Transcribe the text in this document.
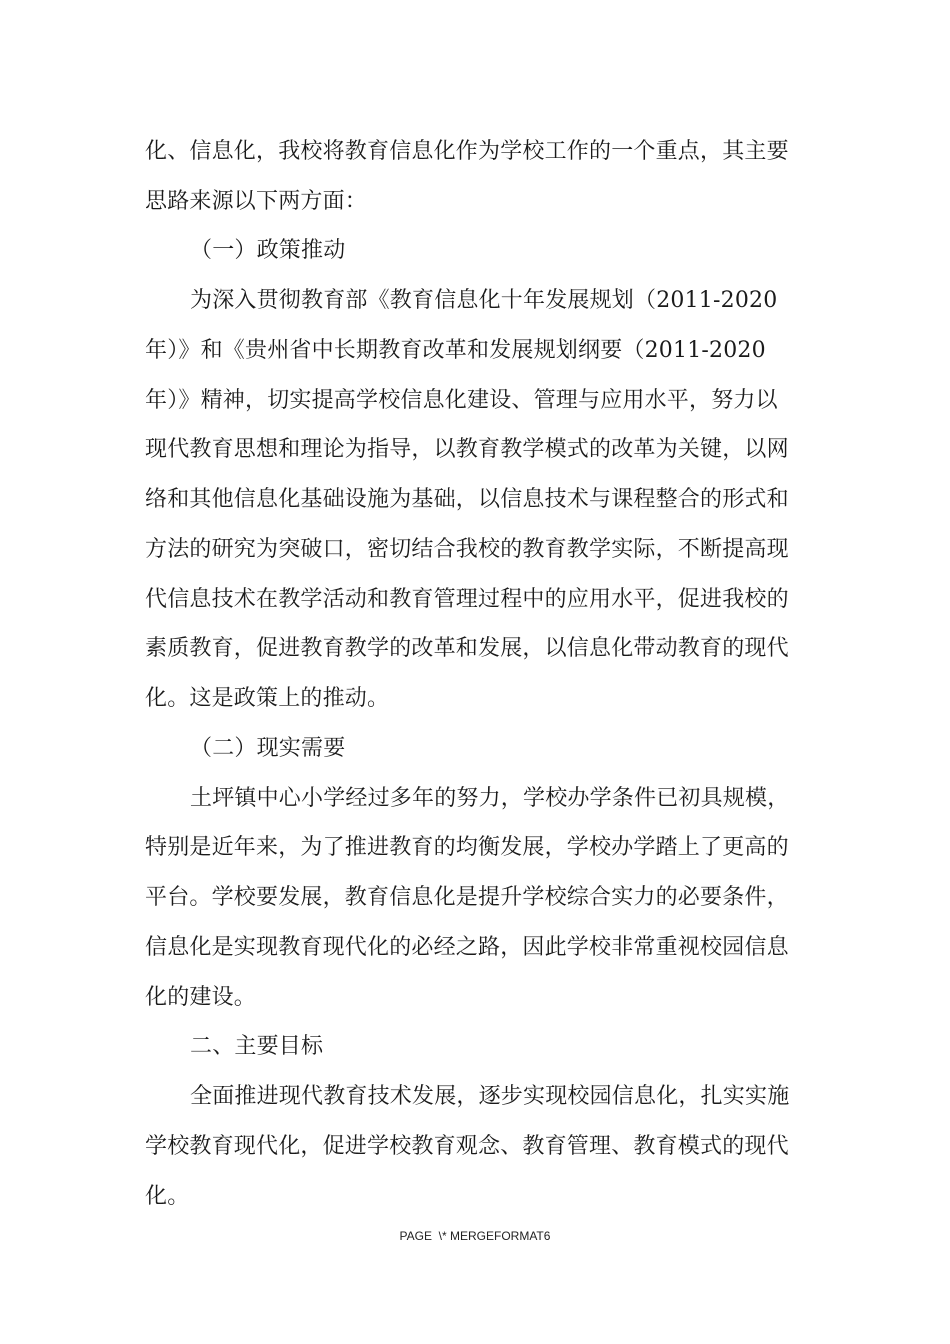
化、信息化，我校将教育信息化作为学校工作的一个重点，其主要
思路来源以下两方面：
（一）政策推动
为深入贯彻教育部《教育信息化十年发展规划（2011-2020
年）》和《贵州省中长期教育改革和发展规划纲要（2011-2020
年）》精神，切实提高学校信息化建设、管理与应用水平，努力以
现代教育思想和理论为指导，以教育教学模式的改革为关键，以网
络和其他信息化基础设施为基础，以信息技术与课程整合的形式和
方法的研究为突破口，密切结合我校的教育教学实际，不断提高现
代信息技术在教学活动和教育管理过程中的应用水平，促进我校的
素质教育，促进教育教学的改革和发展，以信息化带动教育的现代
化。这是政策上的推动。
（二）现实需要
土坪镇中心小学经过多年的努力，学校办学条件已初具规模，
特别是近年来，为了推进教育的均衡发展，学校办学踏上了更高的
平台。学校要发展，教育信息化是提升学校综合实力的必要条件，
信息化是实现教育现代化的必经之路，因此学校非常重视校园信息
化的建设。
二、主要目标
全面推进现代教育技术发展，逐步实现校园信息化，扎实实施
学校教育现代化，促进学校教育观念、教育管理、教育模式的现代
化。
PAGE  \* MERGEFORMAT6
